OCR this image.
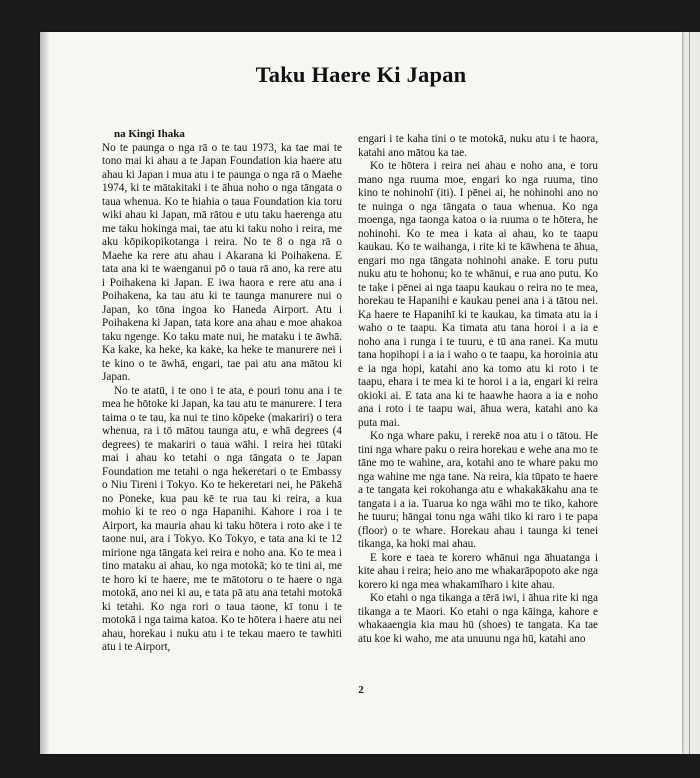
Taku Haere Ki Japan

na Kingi Ihaka

No te paunga o nga rā o te tau 1973, ka tae mai te tono mai ki ahau a te Japan Foundation kia haere atu ahau ki Japan i mua atu i te paunga o nga rā o Maehe 1974, ki te mātakitaki i te āhua noho o nga tāngata o taua whenua. Ko te hiahia o taua Foundation kia toru wiki ahau ki Japan, mā rātou e utu taku haerenga atu me taku hokinga mai, tae atu ki taku noho i reira, me aku kōpikopikotanga i reira. No te 8 o nga rā o Maehe ka rere atu ahau i Akarana ki Poihakena. E tata ana ki te waenganui pō o taua rā ano, ka rere atu i Poihakena ki Japan. E iwa haora e rere atu ana i Poihakena, ka tau atu ki te taunga manurere nui o Japan, ko tōna ingoa ko Haneda Airport. Atu i Poihakena ki Japan, tata kore ana ahau e moe ahakoa taku ngenge. Ko taku mate nui, he mataku i te āwhā. Ka kake, ka heke, ka kake, ka heke te manurere nei i te kino o te āwhā, engari, tae pai atu ana mātou ki Japan.

No te atatū, i te ono i te ata, e pouri tonu ana i te mea he hōtoke ki Japan, ka tau atu te manurere. I tera taima o te tau, ka nui te tino kōpeke (makariri) o tera whenua, ra i tō mātou taunga atu, e whā degrees (4 degrees) te makariri o taua wāhi. I reira hei tūtaki mai i ahau ko tetahi o nga tāngata o te Japan Foundation me tetahi o nga hekeretari o te Embassy o Niu Tireni i Tokyo. Ko te hekeretari nei, he Pākehā no Poneke, kua pau kē te rua tau ki reira, a kua mohio ki te reo o nga Hapanihi. Kahore i roa i te Airport, ka mauria ahau ki taku hōtera i roto ake i te taone nui, ara i Tokyo. Ko Tokyo, e tata ana ki te 12 mirione nga tāngata kei reira e noho ana. Ko te mea i tino mataku ai ahau, ko nga motokā; ko te tini ai, me te horo ki te haere, me te mātotoru o te haere o nga motokā, ano nei ki au, e tata pā atu ana tetahi motokā ki tetahi. Ko nga rori o taua taone, kī tonu i te motokā i nga taima katoa. Ko te hōtera i haere atu nei ahau, horekau i nuku atu i te tekau maero te tawhiti atu i te Airport,

engari i te kaha tini o te motokā, nuku atu i te haora, katahi ano mātou ka tae.

Ko te hōtera i reira nei ahau e noho ana, e toru mano nga ruuma moe, engari ko nga ruuma, tino kino te nohinohī (iti). I pēnei ai, he nohinohi ano no te nuinga o nga tāngata o taua whenua. Ko nga moenga, nga taonga katoa o ia ruuma o te hōtera, he nohinohi. Ko te mea i kata ai ahau, ko te taapu kaukau. Ko te waihanga, i rite ki te kāwhena te āhua, engari mo nga tāngata nohinohi anake. E toru putu nuku atu te hohonu; ko te whānui, e rua ano putu. Ko te take i pēnei ai nga taapu kaukau o reira no te mea, horekau te Hapanihi e kaukau penei ana i a tātou nei. Ka haere te Hapanihī ki te kaukau, ka timata atu ia i waho o te taapu. Ka timata atu tana horoi i a ia e noho ana i runga i te tuuru, e tū ana ranei. Ka mutu tana hopihopi i a ia i waho o te taapu, ka horoinia atu e ia nga hopi, katahi ano ka tomo atu ki roto i te taapu, ehara i te mea ki te horoi i a ia, engari ki reira okioki ai. E tata ana ki te haawhe haora a ia e noho ana i roto i te taapu wai, āhua wera, katahi ano ka puta mai.

Ko nga whare paku, i rerekē noa atu i o tātou. He tini nga whare paku o reira horekau e wehe ana mo te tāne mo te wahine, ara, kotahi ano te whare paku mo nga wahine me nga tane. Na reira, kia tūpato te haere a te tangata kei rokohanga atu e whakakākahu ana te tangata i a ia. Tuarua ko nga wāhi mo te tiko, kahore he tuuru; hāngai tonu nga wāhi tiko ki raro i te papa (floor) o te whare. Horekau ahau i taunga ki tenei tikanga, ka hoki mai ahau.

E kore e taea te korero whānui nga āhuatanga i kite ahau i reira; heio ano me whakarāpopoto ake nga korero ki nga mea whakamīharo i kite ahau.

Ko etahi o nga tikanga a tērā iwi, i āhua rite ki nga tikanga a te Maori. Ko etahi o nga kāinga, kahore e whakaaengia kia mau hū (shoes) te tangata. Ka tae atu koe ki waho, me ata unuunu nga hū, katahi ano

2
